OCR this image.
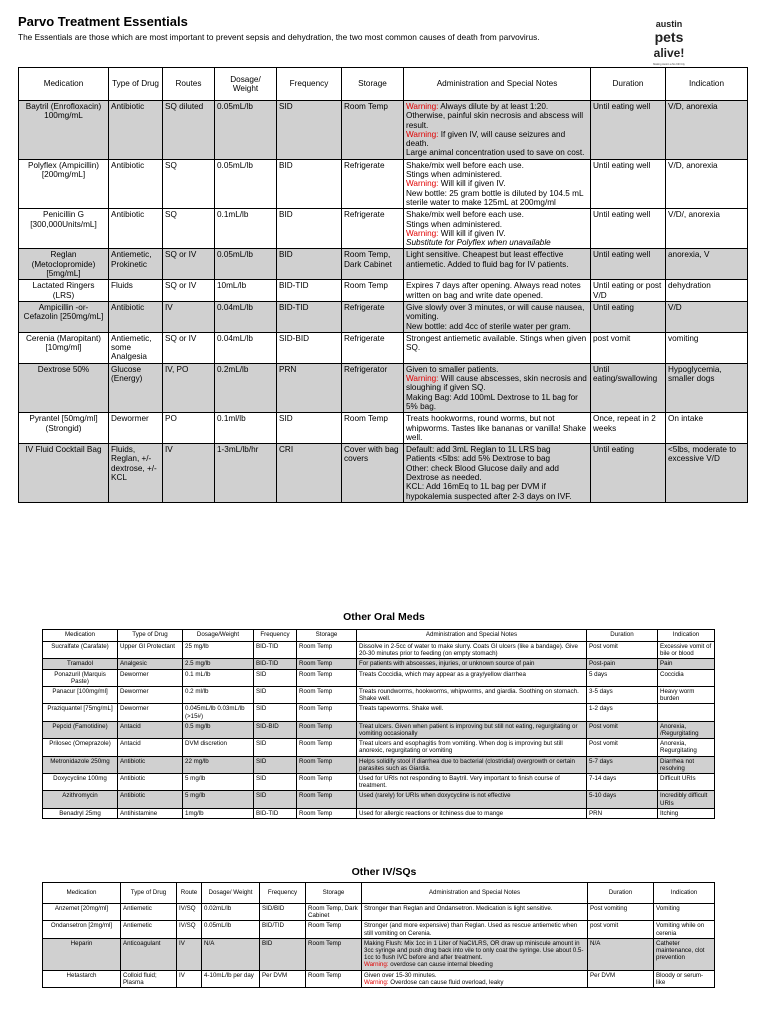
Parvo Treatment Essentials
The Essentials are those which are most important to prevent sepsis and dehydration, the two most common causes of death from parvovirus.
austin
pets
alive!
Making Austin a No Kill City
Medication	Type of Drug	Routes	Dosage/ Weight	Frequency	Storage	Administration and Special Notes	Duration	Indication
Baytril (Enrofloxacin) 100mg/mL	Antibiotic	SQ diluted	0.05mL/lb	SID	Room Temp	Warning: Always dilute by at least 1:20. Otherwise, painful skin necrosis and abscess will result.
Warning: If given IV, will cause seizures and death.
Large animal concentration used to save on cost.	Until eating well	V/D, anorexia
Polyflex (Ampicillin) [200mg/mL]	Antibiotic	SQ	0.05mL/lb	BID	Refrigerate	Shake/mix well before each use.
Stings when administered.
Warning: Will kill if given IV.
New bottle: 25 gram bottle is diluted by 104.5 mL sterile water to make 125mL at 200mg/ml	Until eating well	V/D, anorexia
Penicillin G [300,000Units/mL]	Antibiotic	SQ	0.1mL/lb	BID	Refrigerate	Shake/mix well before each use.
Stings when administered.
Warning: Will kill if given IV.
Substitute for Polyflex when unavailable	Until eating well	V/D/, anorexia
Reglan (Metoclopromide) [5mg/mL]	Antiemetic, Prokinetic	SQ or IV	0.05mL/lb	BID	Room Temp, Dark Cabinet	Light sensitive. Cheapest but least effective antiemetic. Added to fluid bag for IV patients.	Until eating well	anorexia, V
Lactated Ringers (LRS)	Fluids	SQ or IV	10mL/lb	BID-TID	Room Temp	Expires 7 days after opening. Always read notes written on bag and write date opened.	Until eating or post V/D	dehydration
Ampicillin -or- Cefazolin [250mg/mL]	Antibiotic	IV	0.04mL/lb	BID-TID	Refrigerate	Give slowly over 3 minutes, or will cause nausea, vomiting.
New bottle: add 4cc of sterile water per gram.	Until eating	V/D
Cerenia (Maropitant) [10mg/ml]	Antiemetic, some Analgesia	SQ or IV	0.04mL/lb	SID-BID	Refrigerate	Strongest antiemetic available. Stings when given SQ.	post vomit	vomiting
Dextrose 50%	Glucose (Energy)	IV, PO	0.2mL/lb	PRN	Refrigerator	Given to smaller patients.
Warning: Will cause abscesses, skin necrosis and sloughing if given SQ.
Making Bag: Add 100mL Dextrose to 1L bag for 5% bag.	Until eating/swallowing	Hypoglycemia, smaller dogs
Pyrantel [50mg/ml] (Strongid)	Dewormer	PO	0.1ml/lb	SID	Room Temp	Treats hookworms, round worms, but not whipworms. Tastes like bananas or vanilla! Shake well.	Once, repeat in 2 weeks	On intake
IV Fluid Cocktail Bag	Fluids, Reglan, +/- dextrose, +/- KCL	IV	1-3mL/lb/hr	CRI	Cover with bag covers	Default: add 3mL Reglan to 1L LRS bag
Patients <5lbs: add 5% Dextrose to bag
Other: check Blood Glucose daily and add Dextrose as needed.
KCL: Add 16mEq to 1L bag per DVM if hypokalemia suspected after 2-3 days on IVF.	Until eating	<5lbs, moderate to excessive V/D
Other Oral Meds
Medication	Type of Drug	Dosage/Weight	Frequency	Storage	Administration and Special Notes	Duration	Indication
Sucralfate (Carafate)	Upper GI Protectant	25 mg/lb	BID-TID	Room Temp	Dissolve in 2-5cc of water to make slurry. Coats GI ulcers (like a bandage). Give 20-30 minutes prior to feeding (on empty stomach)	Post vomit	Excessive vomit of bile or blood
Tramadol	Analgesic	2.5 mg/lb	BID-TID	Room Temp	For patients with abscesses, injuries, or unknown source of pain	Post-pain	Pain
Ponazuril (Marquis Paste)	Dewormer	0.1 mL/lb	SID	Room Temp	Treats Coccidia, which may appear as a gray/yellow diarrhea	5 days	Coccidia
Panacur [100mg/ml]	Dewormer	0.2 ml/lb	SID	Room Temp	Treats roundworms, hookworms, whipworms, and giardia. Soothing on stomach. Shake well.	3-5 days	Heavy worm burden
Praziquantel [75mg/mL]	Dewormer	0.045mL/lb 0.03mL/lb (>15#)	SID	Room Temp	Treats tapeworms. Shake well.	1-2 days	
Pepcid (Famotidine)	Antacid	0.5 mg/lb	SID-BID	Room Temp	Treat ulcers. Given when patient is improving but still not eating, regurgitating or vomiting occasionally	Post vomit	Anorexia, /Regurgitating
Prilosec (Omeprazole)	Antacid	DVM discretion	SID	Room Temp	Treat ulcers and esophagitis from vomiting. When dog is improving but still anorexic, regurgitating or vomiting	Post vomit	Anorexia, Regurgitating
Metronidazole 250mg	Antibiotic	22 mg/lb	SID	Room Temp	Helps solidify stool if diarrhea due to bacterial (clostridial) overgrowth or certain parasites such as Giardia.	5-7 days	Diarrhea not resolving
Doxycycline 100mg	Antibiotic	5 mg/lb	SID	Room Temp	Used for URIs not responding to Baytril. Very important to finish course of treatment.	7-14 days	Difficult URIs
Azithromycin	Antibiotic	5 mg/lb	SID	Room Temp	Used (rarely) for URIs when doxycycline is not effective	5-10 days	Incredibly difficult URIs
Benadryl 25mg	Antihistamine	1mg/lb	BID-TID	Room Temp	Used for allergic reactions or itchiness due to mange	PRN	Itching
Other IV/SQs
Medication	Type of Drug	Route	Dosage/ Weight	Frequency	Storage	Administration and Special Notes	Duration	Indication
Anzemet [20mg/ml]	Antiemetic	IV/SQ	0.02mL/lb	SID/BID	Room Temp, Dark Cabinet	Stronger than Reglan and Ondansetron. Medication is light sensitive.	Post vomiting	Vomiting
Ondansetron [2mg/ml]	Antiemetic	IV/SQ	0.05mL/lb	BID/TID	Room Temp	Stronger (and more expensive) than Reglan. Used as rescue antiemetic when still vomiting on Cerenia.	post vomit	Vomiting while on cerenia
Heparin	Anticoagulant	IV	N/A	BID	Room Temp	Making Flush: Mix 1cc in 1 Liter of NaCl/LRS, OR draw up miniscule amount in 3cc syringe and push drug back into vile to only coat the syringe. Use about 0.5-1cc to flush IVC before and after treatment.
Warning: overdose can cause internal bleeding	N/A	Catheter maintenance, clot prevention
Hetastarch	Colloid fluid; Plasma	IV	4-10mL/lb per day	Per DVM	Room Temp	Given over 15-30 minutes.
Warning: Overdose can cause fluid overload, leaky	Per DVM	Bloody or serum-like
